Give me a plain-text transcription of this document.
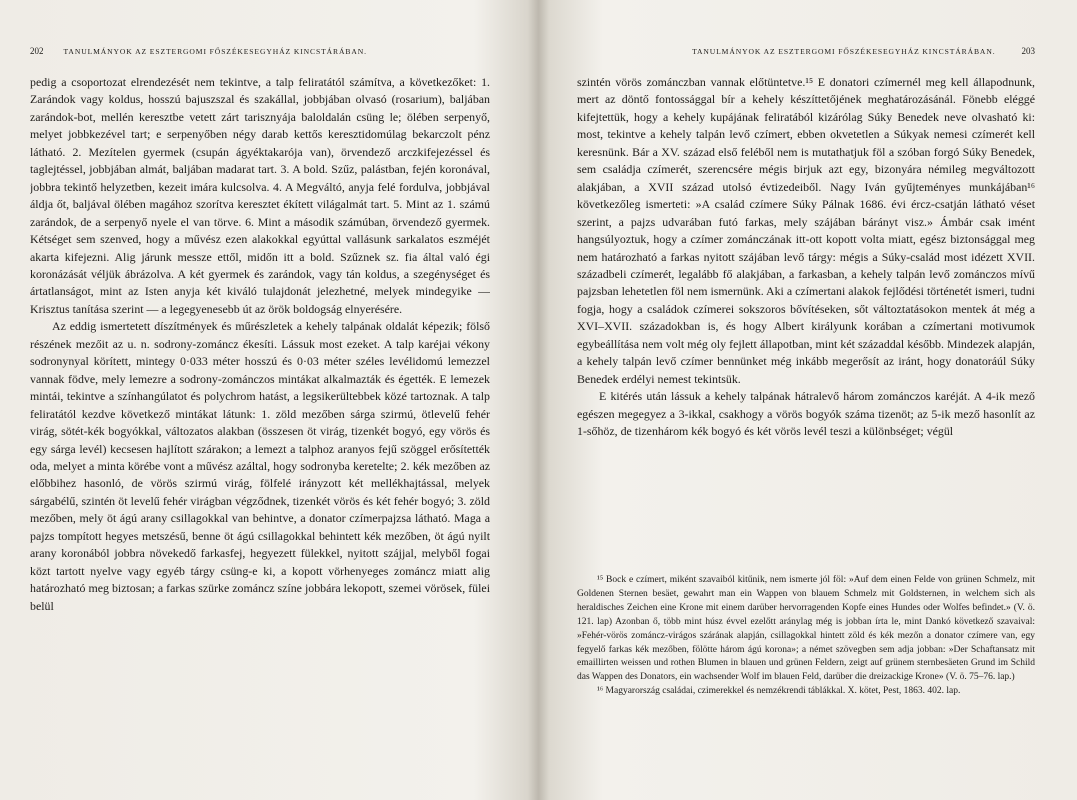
202	TANULMÁNYOK AZ ESZTERGOMI FŐSZÉKESEGYHÁZ KINCSTÁRÁBAN.

pedig a csoportozat elrendezését nem tekintve, a talp feliratától számítva, a következőket: 1. Zarándok vagy koldus, hosszú bajuszszal és szakállal, jobbjában olvasó (rosarium), baljában zarándok-bot, mellén keresztbe vetett zárt tarisznyája baloldalán csüng le; ölében serpenyő, melyet jobbkezével tart; e serpenyőben négy darab kettős keresztidomúlag bekarczolt pénz látható. 2. Mezítelen gyermek (csupán ágyéktakarója van), örvendező arczkifejezéssel és taglejtéssel, jobbjában almát, baljában madarat tart. 3. A bold. Szűz, palástban, fején koronával, jobbra tekintő helyzetben, kezeit imára kulcsolva. 4. A Megváltó, anyja felé fordulva, jobbjával áldja őt, baljával ölében magához szorítva keresztet ékített világalmát tart. 5. Mint az 1. számú zarándok, de a serpenyő nyele el van törve. 6. Mint a második számúban, örvendező gyermek. Kétséget sem szenved, hogy a művész ezen alakokkal egyúttal vallásunk sarkalatos eszméjét akarta kifejezni. Alig járunk messze ettől, midőn itt a bold. Szűznek sz. fia által való égi koronázását véljük ábrázolva. A két gyermek és zarándok, vagy tán koldus, a szegénységet és ártatlanságot, mint az Isten anyja két kiváló tulajdonát jelezhetné, melyek mindegyike — Krisztus tanítása szerint — a legegyenesebb út az örök boldogság elnyerésére.

Az eddig ismertetett díszítmények és műrészletek a kehely talpának oldalát képezik; fölső részének mezőit az u. n. sodrony-zománcz ékesíti. Lássuk most ezeket. A talp karéjai vékony sodronynyal körített, mintegy 0·033 méter hosszú és 0·03 méter széles levélidomú lemezzel vannak födve, mely lemezre a sodrony-zománczos mintákat alkalmazták és égették. E lemezek mintái, tekintve a színhangúlatot és polychrom hatást, a legsikerültebbek közé tartoznak. A talp feliratától kezdve következő mintákat látunk: 1. zöld mezőben sárga szirmú, ötlevelű fehér virág, sötét-kék bogyókkal, változatos alakban (összesen öt virág, tizenkét bogyó, egy vörös és egy sárga levél) kecsesen hajlított szárakon; a lemezt a talphoz aranyos fejű szöggel erősítették oda, melyet a minta körébe vont a művész azáltal, hogy sodronyba keretelte; 2. kék mezőben az előbbihez hasonló, de vörös szirmú virág, fölfelé irányzott két mellékhajtással, melyek sárgabélű, szintén öt levelű fehér virágban végződnek, tizenkét vörös és két fehér bogyó; 3. zöld mezőben, mely öt ágú arany csillagokkal van behintve, a donator czímerpajzsa látható. Maga a pajzs tompított hegyes metszésű, benne öt ágú csillagokkal behintett kék mezőben, öt ágú nyilt arany koronából jobbra növekedő farkasfej, hegyezett fülekkel, nyitott szájjal, melyből fogai közt tartott nyelve vagy egyéb tárgy csüng-e ki, a kopott vörhenyeges zománcz miatt alig határozható meg biztosan; a farkas szürke zománcz színe jobbára lekopott, szemei vörösek, fülei belül

TANULMÁNYOK AZ ESZTERGOMI FŐSZÉKESEGYHÁZ KINCSTÁRÁBAN.	203

szintén vörös zománczban vannak előtüntetve.¹⁵ E donatori czímernél meg kell állapodnunk, mert az döntő fontossággal bír a kehely készíttetőjének meghatározásánál. Fönebb eléggé kifejtettük, hogy a kehely kupájának feliratából kizárólag Súky Benedek neve olvasható ki: most, tekintve a kehely talpán levő czímert, ebben okvetetlen a Súkyak nemesi czímerét kell keresnünk. Bár a XV. század első feléből nem is mutathatjuk föl a szóban forgó Súky Benedek, sem családja czímerét, szerencsére mégis birjuk azt egy, bizonyára némileg megváltozott alakjában, a XVII század utolsó évtizedeiből. Nagy Iván gyűjteményes munkájában¹⁶ következőleg ismerteti: »A család czímere Súky Pálnak 1686. évi ércz-csatján látható véset szerint, a pajzs udvarában futó farkas, mely szájában bárányt visz.» Ámbár csak imént hangsúlyoztuk, hogy a czímer zománczának itt-ott kopott volta miatt, egész biztonsággal meg nem határozható a farkas nyitott szájában levő tárgy: mégis a Súky-család most idézett XVII. századbeli czímerét, legalább fő alakjában, a farkasban, a kehely talpán levő zománczos mívű pajzsban lehetetlen föl nem ismernünk. Aki a czímertani alakok fejlődési történetét ismeri, tudni fogja, hogy a családok czímerei sokszoros bővítéseken, sőt változtatásokon mentek át még a XVI–XVII. századokban is, és hogy Albert királyunk korában a czímertani motivumok egybeállítása nem volt még oly fejlett állapotban, mint két századdal később. Mindezek alapján, a kehely talpán levő czímer bennünket még inkább megerősít az iránt, hogy donatoráúl Súky Benedek erdélyi nemest tekintsük.

E kitérés után lássuk a kehely talpának hátralevő három zománczos karéját. A 4-ik mező egészen megegyez a 3-ikkal, csakhogy a vörös bogyók száma tizenöt; az 5-ik mező hasonlít az 1-sőhöz, de tizenhárom kék bogyó és két vörös levél teszi a különbséget; végül

¹⁵ Bock e czímert, miként szavaiból kitűnik, nem ismerte jól föl: »Auf dem einen Felde von grünen Schmelz, mit Goldenen Sternen besäet, gewahrt man ein Wappen von blauem Schmelz mit Goldsternen, in welchem sich als heraldisches Zeichen eine Krone mit einem darüber hervorragenden Kopfe eines Hundes oder Wolfes befindet.» (V. ö. 121. lap) Azonban ő, több mint húsz évvel ezelőtt aránylag még is jobban írta le, mint Dankó következő szavaival: »Fehér-vörös zománcz-virágos szárának alapján, csillagokkal hintett zöld és kék mezőn a donator czímere van, egy fegyelő farkas kék mezőben, fölötte három ágú korona»; a német szövegben sem adja jobban: »Der Schaftansatz mit emaillirten weissen und rothen Blumen in blauen und grünen Feldern, zeigt auf grünem sternbesäeten Grund im Schild das Wappen des Donators, ein wachsender Wolf im blauen Feld, darüber die dreizackige Krone» (V. ö. 75–76. lap.)

¹⁶ Magyarország családai, czimerekkel és nemzékrendi táblákkal. X. kötet, Pest, 1863. 402. lap.
